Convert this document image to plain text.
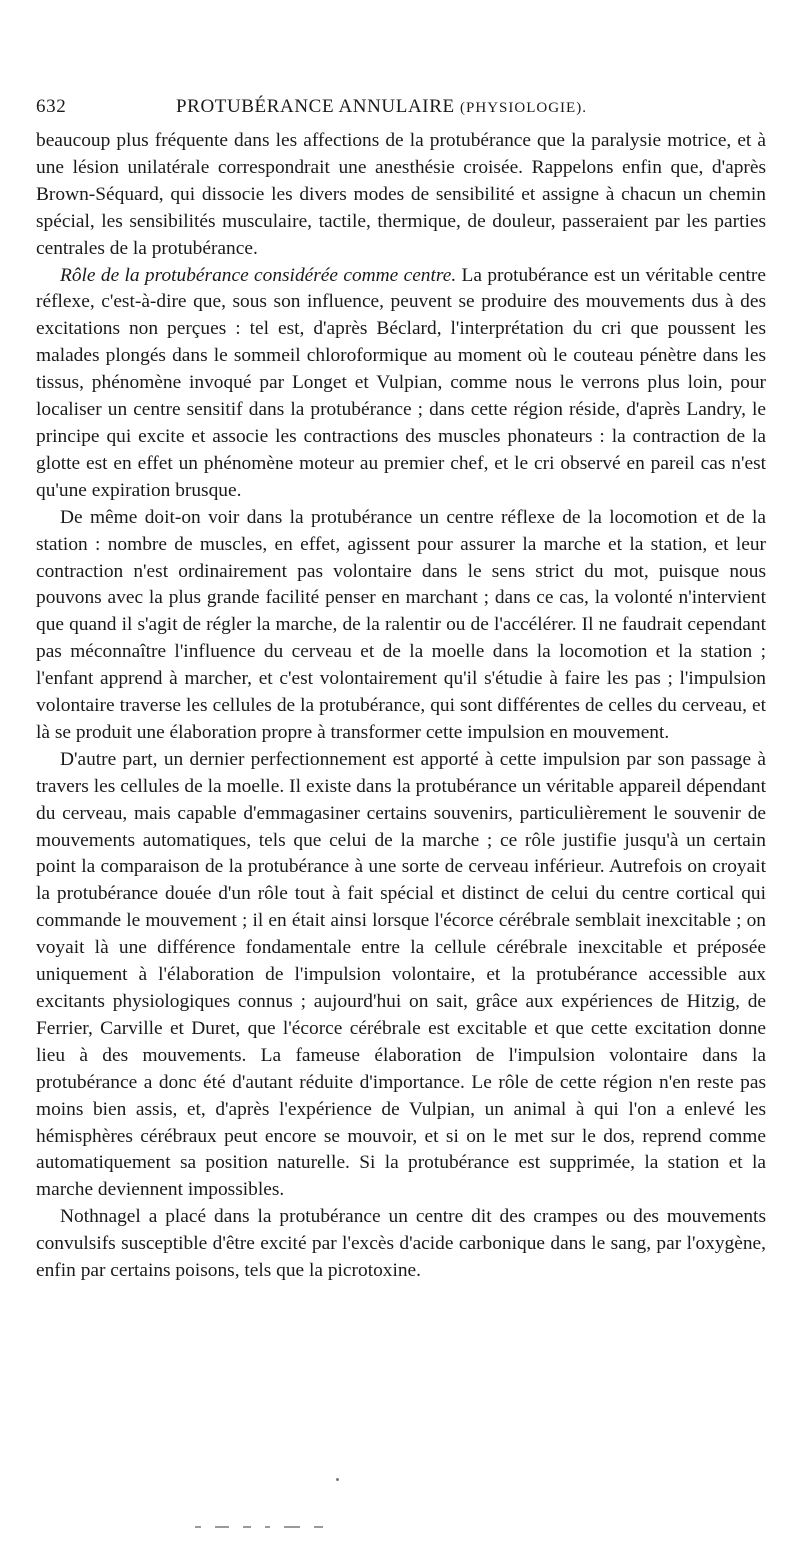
632	PROTUBÉRANCE ANNULAIRE (PHYSIOLOGIE).

beaucoup plus fréquente dans les affections de la protubérance que la paralysie motrice, et à une lésion unilatérale correspondrait une anesthésie croisée. Rappelons enfin que, d'après Brown-Séquard, qui dissocie les divers modes de sensibilité et assigne à chacun un chemin spécial, les sensibilités musculaire, tactile, thermique, de douleur, passeraient par les parties centrales de la protubérance.

Rôle de la protubérance considérée comme centre. La protubérance est un véritable centre réflexe, c'est-à-dire que, sous son influence, peuvent se produire des mouvements dus à des excitations non perçues : tel est, d'après Béclard, l'interprétation du cri que poussent les malades plongés dans le sommeil chloroformique au moment où le couteau pénètre dans les tissus, phénomène invoqué par Longet et Vulpian, comme nous le verrons plus loin, pour localiser un centre sensitif dans la protubérance ; dans cette région réside, d'après Landry, le principe qui excite et associe les contractions des muscles phonateurs : la contraction de la glotte est en effet un phénomène moteur au premier chef, et le cri observé en pareil cas n'est qu'une expiration brusque.

De même doit-on voir dans la protubérance un centre réflexe de la locomotion et de la station : nombre de muscles, en effet, agissent pour assurer la marche et la station, et leur contraction n'est ordinairement pas volontaire dans le sens strict du mot, puisque nous pouvons avec la plus grande facilité penser en marchant ; dans ce cas, la volonté n'intervient que quand il s'agit de régler la marche, de la ralentir ou de l'accélérer. Il ne faudrait cependant pas méconnaître l'influence du cerveau et de la moelle dans la locomotion et la station ; l'enfant apprend à marcher, et c'est volontairement qu'il s'étudie à faire les pas ; l'impulsion volontaire traverse les cellules de la protubérance, qui sont différentes de celles du cerveau, et là se produit une élaboration propre à transformer cette impulsion en mouvement.

D'autre part, un dernier perfectionnement est apporté à cette impulsion par son passage à travers les cellules de la moelle. Il existe dans la protubérance un véritable appareil dépendant du cerveau, mais capable d'emmagasiner certains souvenirs, particulièrement le souvenir de mouvements automatiques, tels que celui de la marche ; ce rôle justifie jusqu'à un certain point la comparaison de la protubérance à une sorte de cerveau inférieur. Autrefois on croyait la protubérance douée d'un rôle tout à fait spécial et distinct de celui du centre cortical qui commande le mouvement ; il en était ainsi lorsque l'écorce cérébrale semblait inexcitable ; on voyait là une différence fondamentale entre la cellule cérébrale inexcitable et préposée uniquement à l'élaboration de l'impulsion volontaire, et la protubérance accessible aux excitants physiologiques connus ; aujourd'hui on sait, grâce aux expériences de Hitzig, de Ferrier, Carville et Duret, que l'écorce cérébrale est excitable et que cette excitation donne lieu à des mouvements. La fameuse élaboration de l'impulsion volontaire dans la protubérance a donc été d'autant réduite d'importance. Le rôle de cette région n'en reste pas moins bien assis, et, d'après l'expérience de Vulpian, un animal à qui l'on a enlevé les hémisphères cérébraux peut encore se mouvoir, et si on le met sur le dos, reprend comme automatiquement sa position naturelle. Si la protubérance est supprimée, la station et la marche deviennent impossibles.

Nothnagel a placé dans la protubérance un centre dit des crampes ou des mouvements convulsifs susceptible d'être excité par l'excès d'acide carbonique dans le sang, par l'oxygène, enfin par certains poisons, tels que la picrotoxine.
